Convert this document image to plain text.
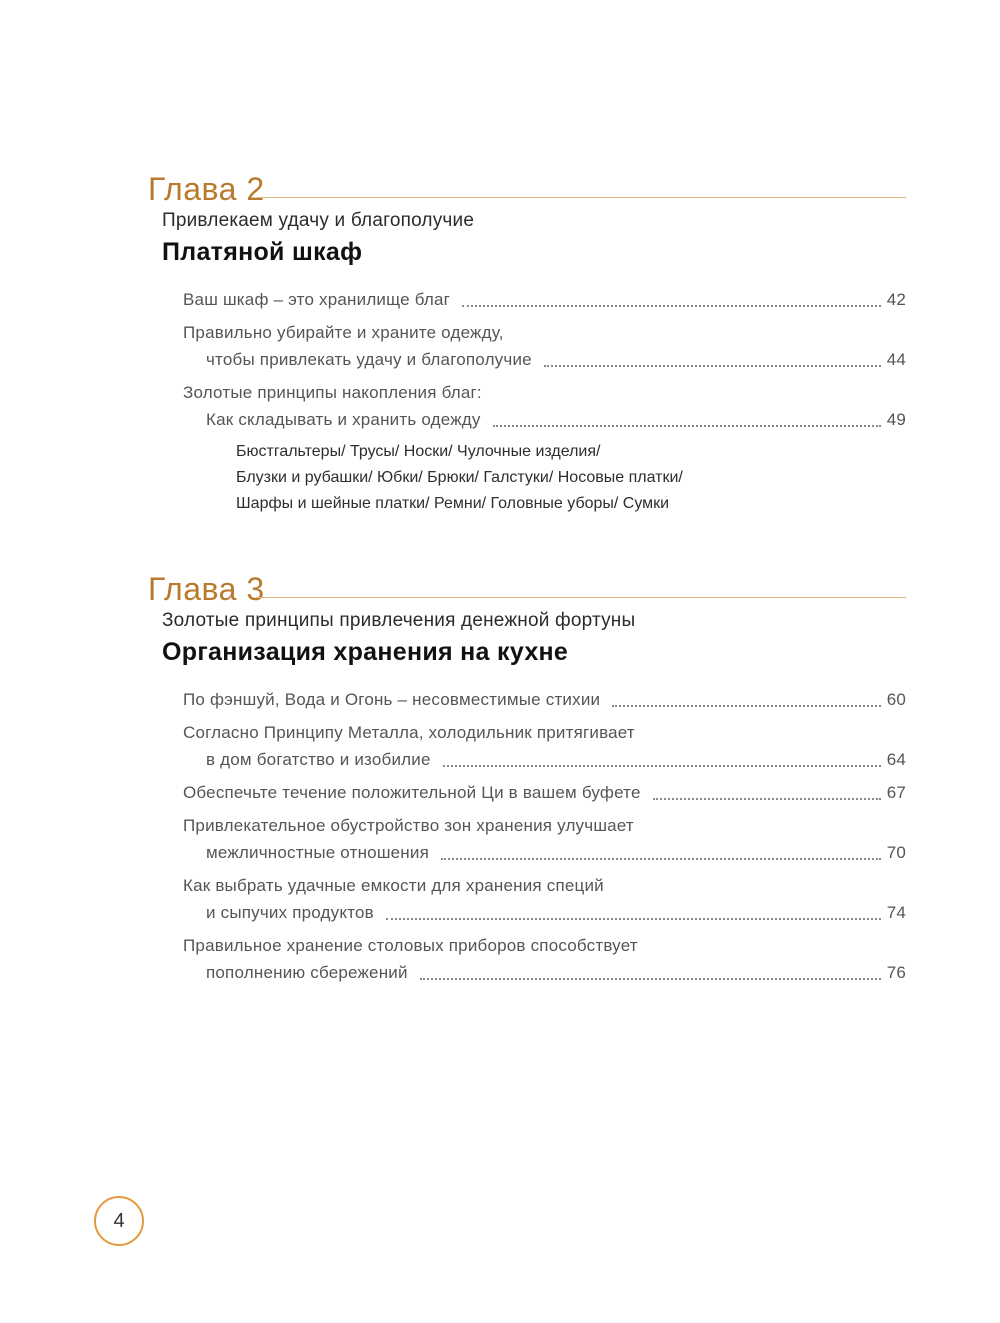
Глава 2
Привлекаем удачу и благополучие
Платяной шкаф
Ваш шкаф – это хранилище благ	42
Правильно убирайте и храните одежду,
чтобы привлекать удачу и благополучие	44
Золотые принципы накопления благ:
Как складывать и хранить одежду	49
Бюстгальтеры/ Трусы/ Носки/ Чулочные изделия/
Блузки и рубашки/ Юбки/ Брюки/ Галстуки/ Носовые платки/
Шарфы и шейные платки/ Ремни/ Головные уборы/ Сумки
Глава 3
Золотые принципы привлечения денежной фортуны
Организация хранения на кухне
По фэншуй, Вода и Огонь – несовместимые стихии	60
Согласно Принципу Металла, холодильник притягивает
в дом богатство и изобилие	64
Обеспечьте течение положительной Ци в вашем буфете	67
Привлекательное обустройство зон хранения улучшает
межличностные отношения	70
Как выбрать удачные емкости для хранения специй
и сыпучих продуктов	74
Правильное хранение столовых приборов способствует
пополнению сбережений	76
4
